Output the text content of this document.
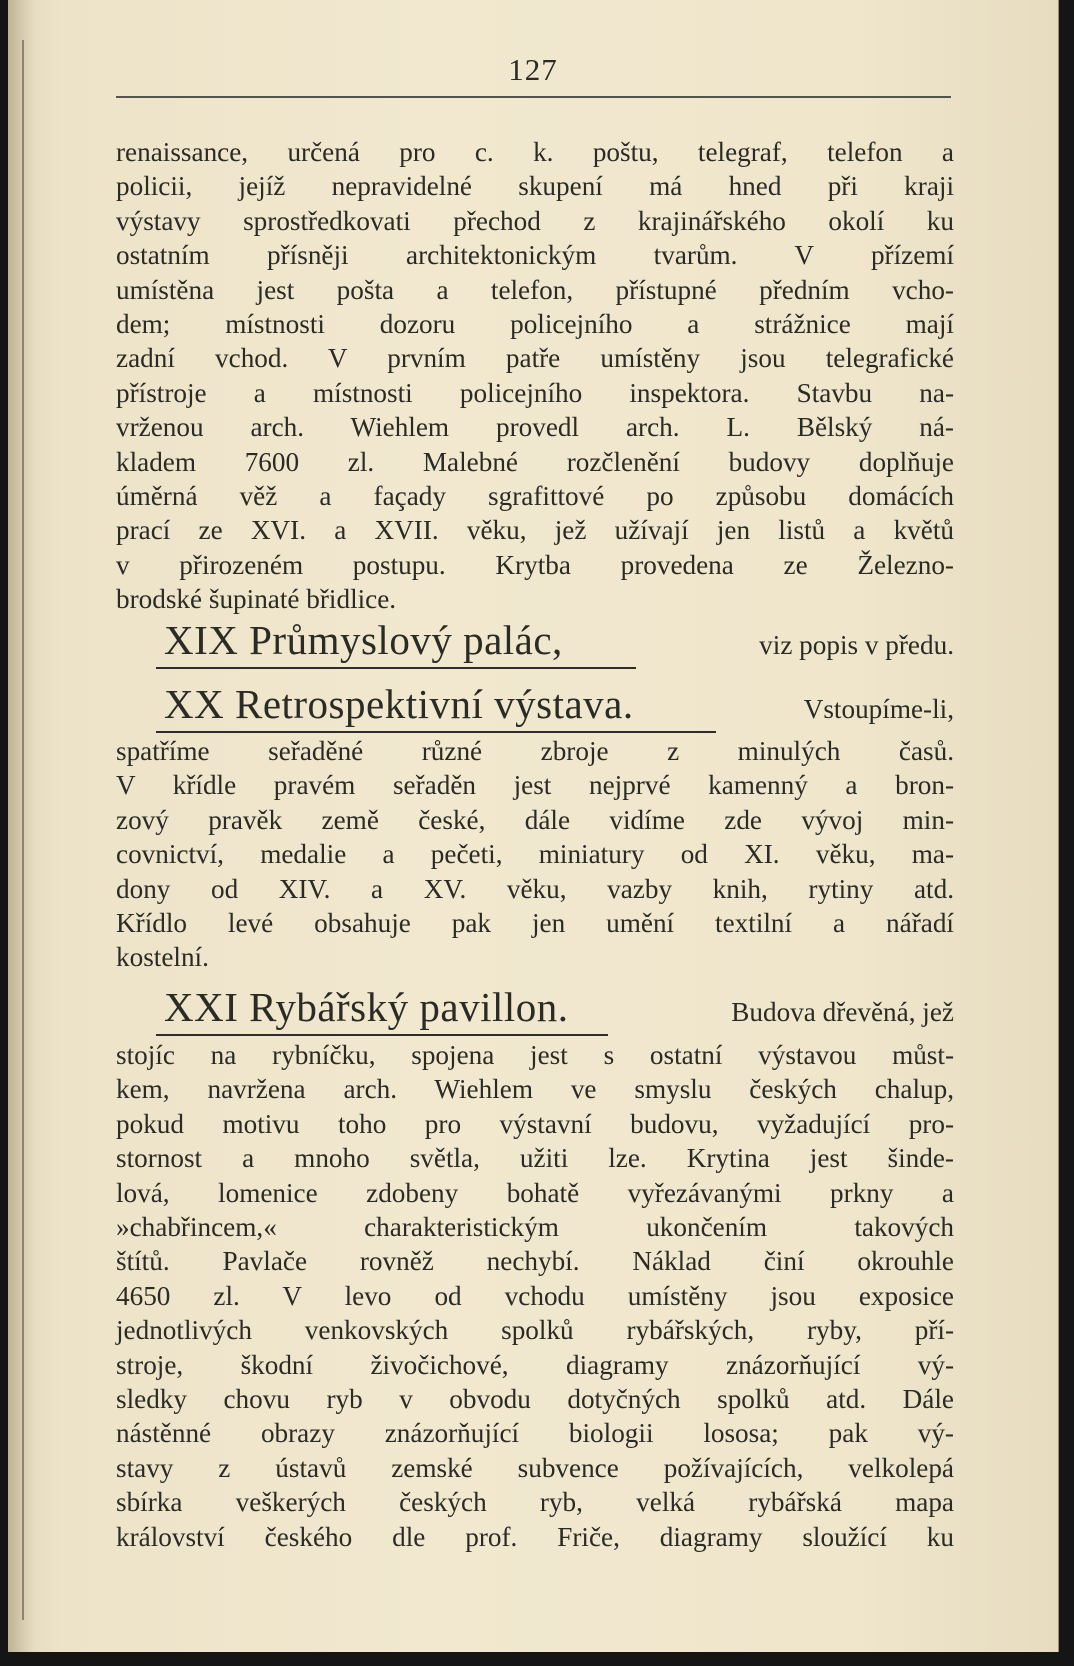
127
renaissance, určená pro c. k. poštu, telegraf, telefon a
policii, jejíž nepravidelné skupení má hned při kraji
výstavy sprostředkovati přechod z krajinářského okolí ku
ostatním přísněji architektonickým tvarům. V přízemí
umístěna jest pošta a telefon, přístupné předním vcho-
dem; místnosti dozoru policejního a strážnice mají
zadní vchod. V prvním patře umístěny jsou telegrafické
přístroje a místnosti policejního inspektora. Stavbu na-
vrženou arch. Wiehlem provedl arch. L. Bělský ná-
kladem 7600 zl. Malebné rozčlenění budovy doplňuje
úměrná věž a façady sgrafittové po způsobu domácích
prací ze XVI. a XVII. věku, jež užívají jen listů a květů
v přirozeném postupu. Krytba provedena ze Železno-
brodské šupinaté břidlice.
XIX Průmyslový palác,	viz popis v předu.
XX Retrospektivní výstava.	Vstoupíme-li,
spatříme seřaděné různé zbroje z minulých časů.
V křídle pravém seřaděn jest nejprvé kamenný a bron-
zový pravěk země české, dále vidíme zde vývoj min-
covnictví, medalie a pečeti, miniatury od XI. věku, ma-
dony od XIV. a XV. věku, vazby knih, rytiny atd.
Křídlo levé obsahuje pak jen umění textilní a nářadí
kostelní.
XXI Rybářský pavillon.	Budova dřevěná, jež
stojíc na rybníčku, spojena jest s ostatní výstavou můst-
kem, navržena arch. Wiehlem ve smyslu českých chalup,
pokud motivu toho pro výstavní budovu, vyžadující pro-
stornost a mnoho světla, užiti lze. Krytina jest šinde-
lová, lomenice zdobeny bohatě vyřezávanými prkny a
»chabřincem,« charakteristickým ukončením takových
štítů. Pavlače rovněž nechybí. Náklad činí okrouhle
4650 zl. V levo od vchodu umístěny jsou exposice
jednotlivých venkovských spolků rybářských, ryby, pří-
stroje, škodní živočichové, diagramy znázorňující vý-
sledky chovu ryb v obvodu dotyčných spolků atd. Dále
nástěnné obrazy znázorňující biologii lososa; pak vý-
stavy z ústavů zemské subvence požívajících, velkolepá
sbírka veškerých českých ryb, velká rybářská mapa
království českého dle prof. Friče, diagramy sloužící ku
